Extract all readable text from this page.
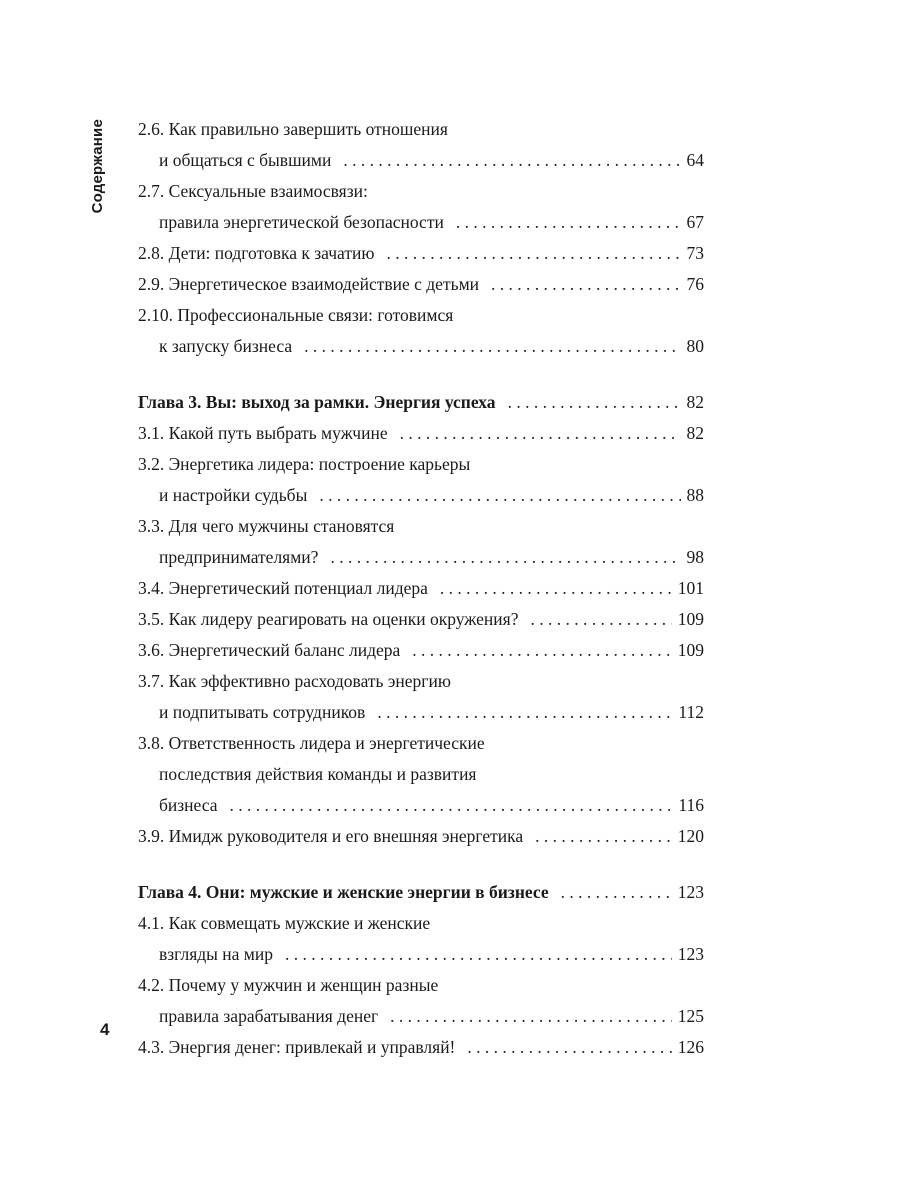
Содержание 2.6. Как правильно завершить отношения
и общаться с бывшими . . .	64
2.7. Сексуальные взаимосвязи:
правила энергетической безопасности . . .	67
2.8. Дети: подготовка к зачатию . . .	73
2.9. Энергетическое взаимодействие с детьми . . .	76
2.10. Профессиональные связи: готовимся
к запуску бизнеса . . .	80
Глава 3. Вы: выход за рамки. Энергия успеха . . .	82
3.1. Какой путь выбрать мужчине . . .	82
3.2. Энергетика лидера: построение карьеры
и настройки судьбы . . .	88
3.3. Для чего мужчины становятся
предпринимателями? . . .	98
3.4. Энергетический потенциал лидера . . .	101
3.5. Как лидеру реагировать на оценки окружения? . . .	109
3.6. Энергетический баланс лидера . . .	109
3.7. Как эффективно расходовать энергию
и подпитывать сотрудников . . .	112
3.8. Ответственность лидера и энергетические
последствия действия команды и развития
бизнеса . . .	116
3.9. Имидж руководителя и его внешняя энергетика . . .	120
Глава 4. Они: мужские и женские энергии в бизнесе . . .	123
4.1. Как совмещать мужские и женские
взгляды на мир . . .	123
4.2. Почему у мужчин и женщин разные
правила зарабатывания денег . . .	125
4.3. Энергия денег: привлекай и управляй! . . .	126
4
